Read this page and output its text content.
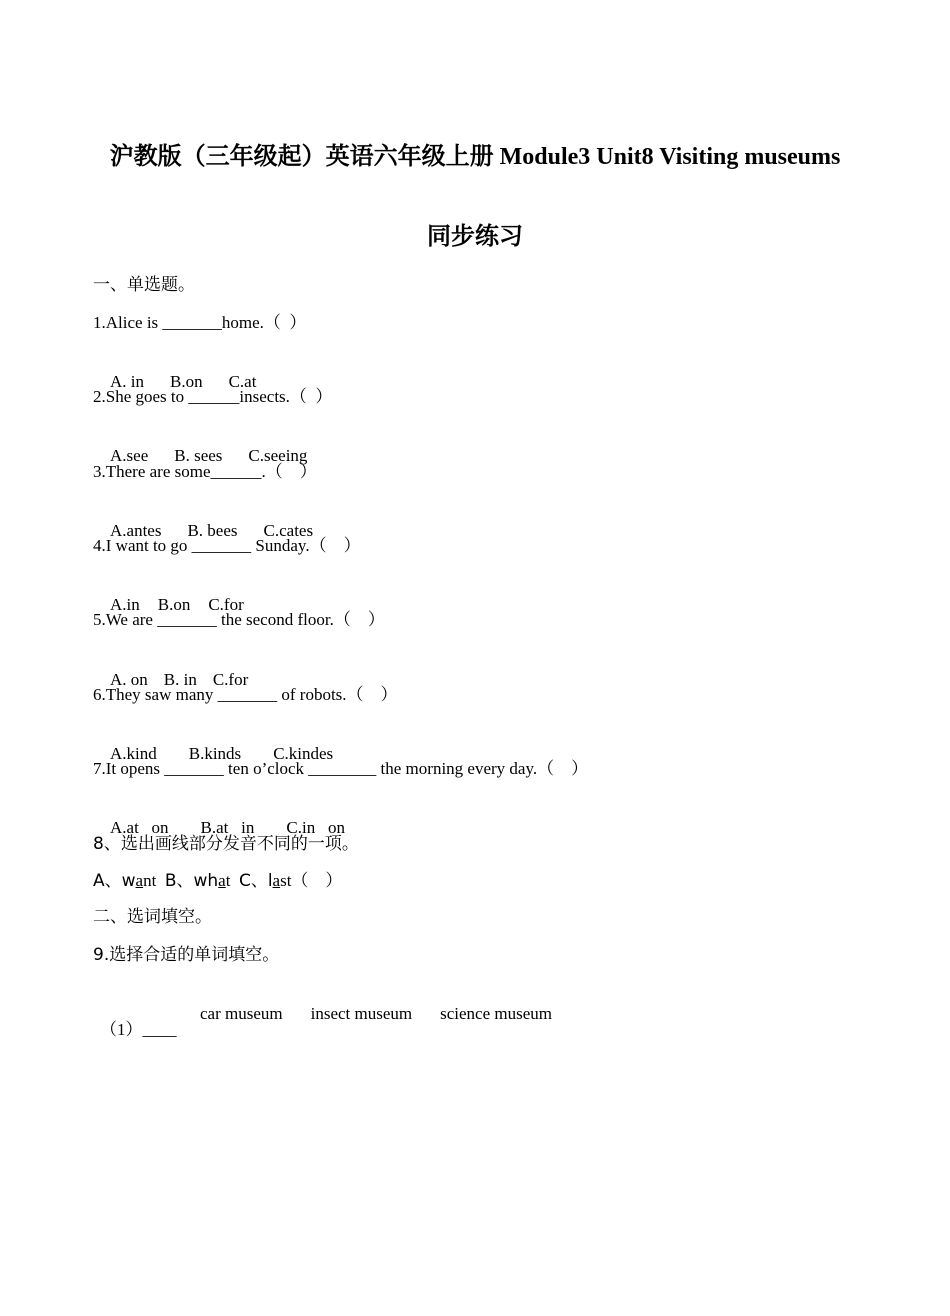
沪教版（三年级起）英语六年级上册 Module3 Unit8 Visiting museums
同步练习
一、单选题。
1.Alice is _______home.（  ）

A. in B.on C.at

2.She goes to ______insects.（  ）

A.see B. sees C.seeing

3.There are some______.（    ）

A.antes B. bees C.cates

4.I want to go _______ Sunday.（    ）

A.in B.on C.for

5.We are _______ the second floor.（    ）

A. on B. in C.for

6.They saw many _______ of robots.（    ）

A.kind B.kinds C.kindes

7.It opens _______ ten o’clock ________ the morning every day.（    ）

A.at   on B.at   in C.in   on

8、选出画线部分发音不同的一项。
A、want B、what C、last（    ）
二、选词填空。
9.选择合适的单词填空。

car museum insect museum science museum

（1）____
